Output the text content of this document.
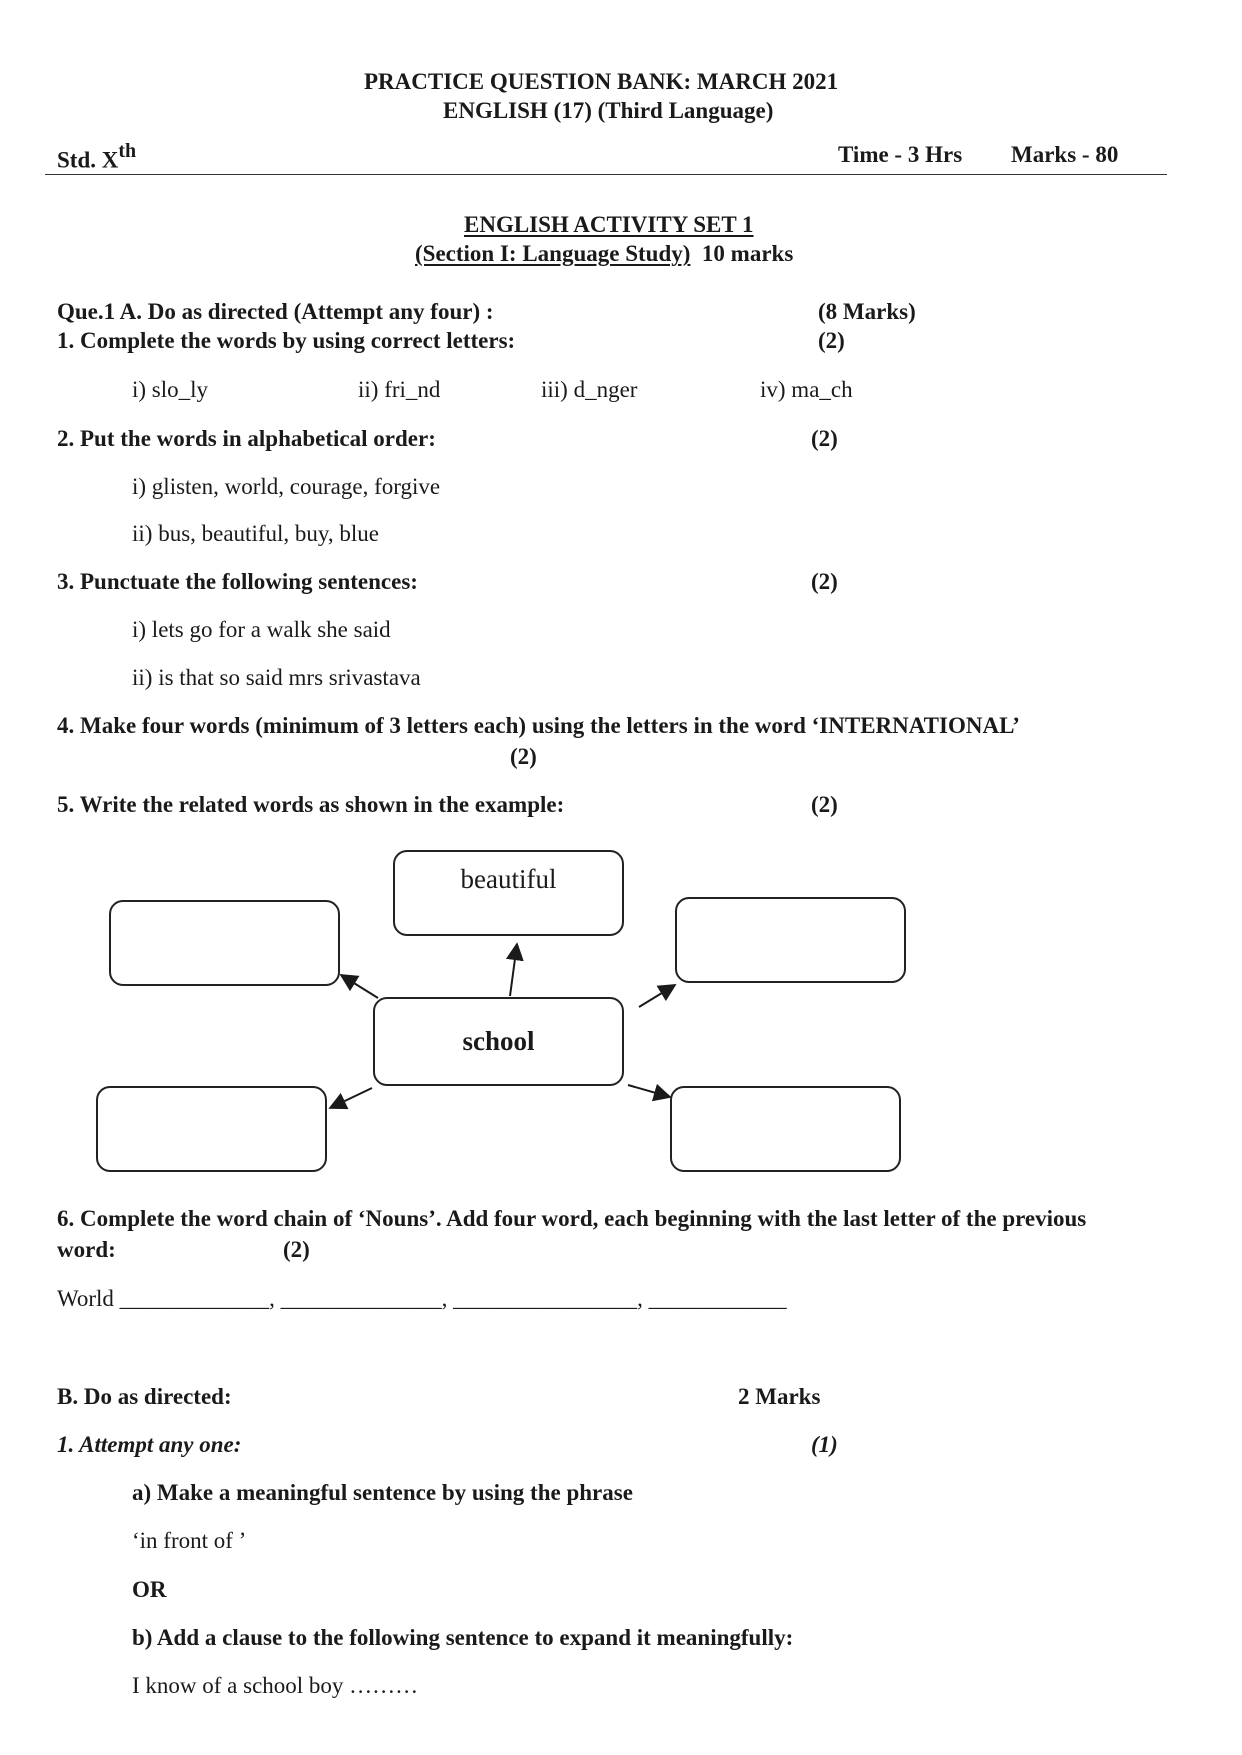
PRACTICE QUESTION BANK: MARCH 2021
ENGLISH (17) (Third Language)
Std. Xth	Time - 3 Hrs Marks - 80
ENGLISH ACTIVITY SET 1
(Section I: Language Study) 10 marks
Que.1 A. Do as directed (Attempt any four) :	(8 Marks)
1. Complete the words by using correct letters:	(2)
i) slo_ly	ii) fri_nd	iii) d_nger	iv) ma_ch
2. Put the words in alphabetical order:	(2)
i) glisten, world, courage, forgive
ii) bus, beautiful, buy, blue
3. Punctuate the following sentences:	(2)
i) lets go for a walk she said
ii) is that so said mrs srivastava
4. Make four words (minimum of 3 letters each) using the letters in the word ‘INTERNATIONAL’
(2)
5. Write the related words as shown in the example:	(2)
beautiful
school
6. Complete the word chain of ‘Nouns’. Add four word, each beginning with the last letter of the previous
word:	(2)
World _____________, ______________, ________________, ____________
B. Do as directed:	2 Marks
1. Attempt any one:	(1)
a) Make a meaningful sentence by using the phrase
‘in front of ’
OR
b) Add a clause to the following sentence to expand it meaningfully:
I know of a school boy ………
